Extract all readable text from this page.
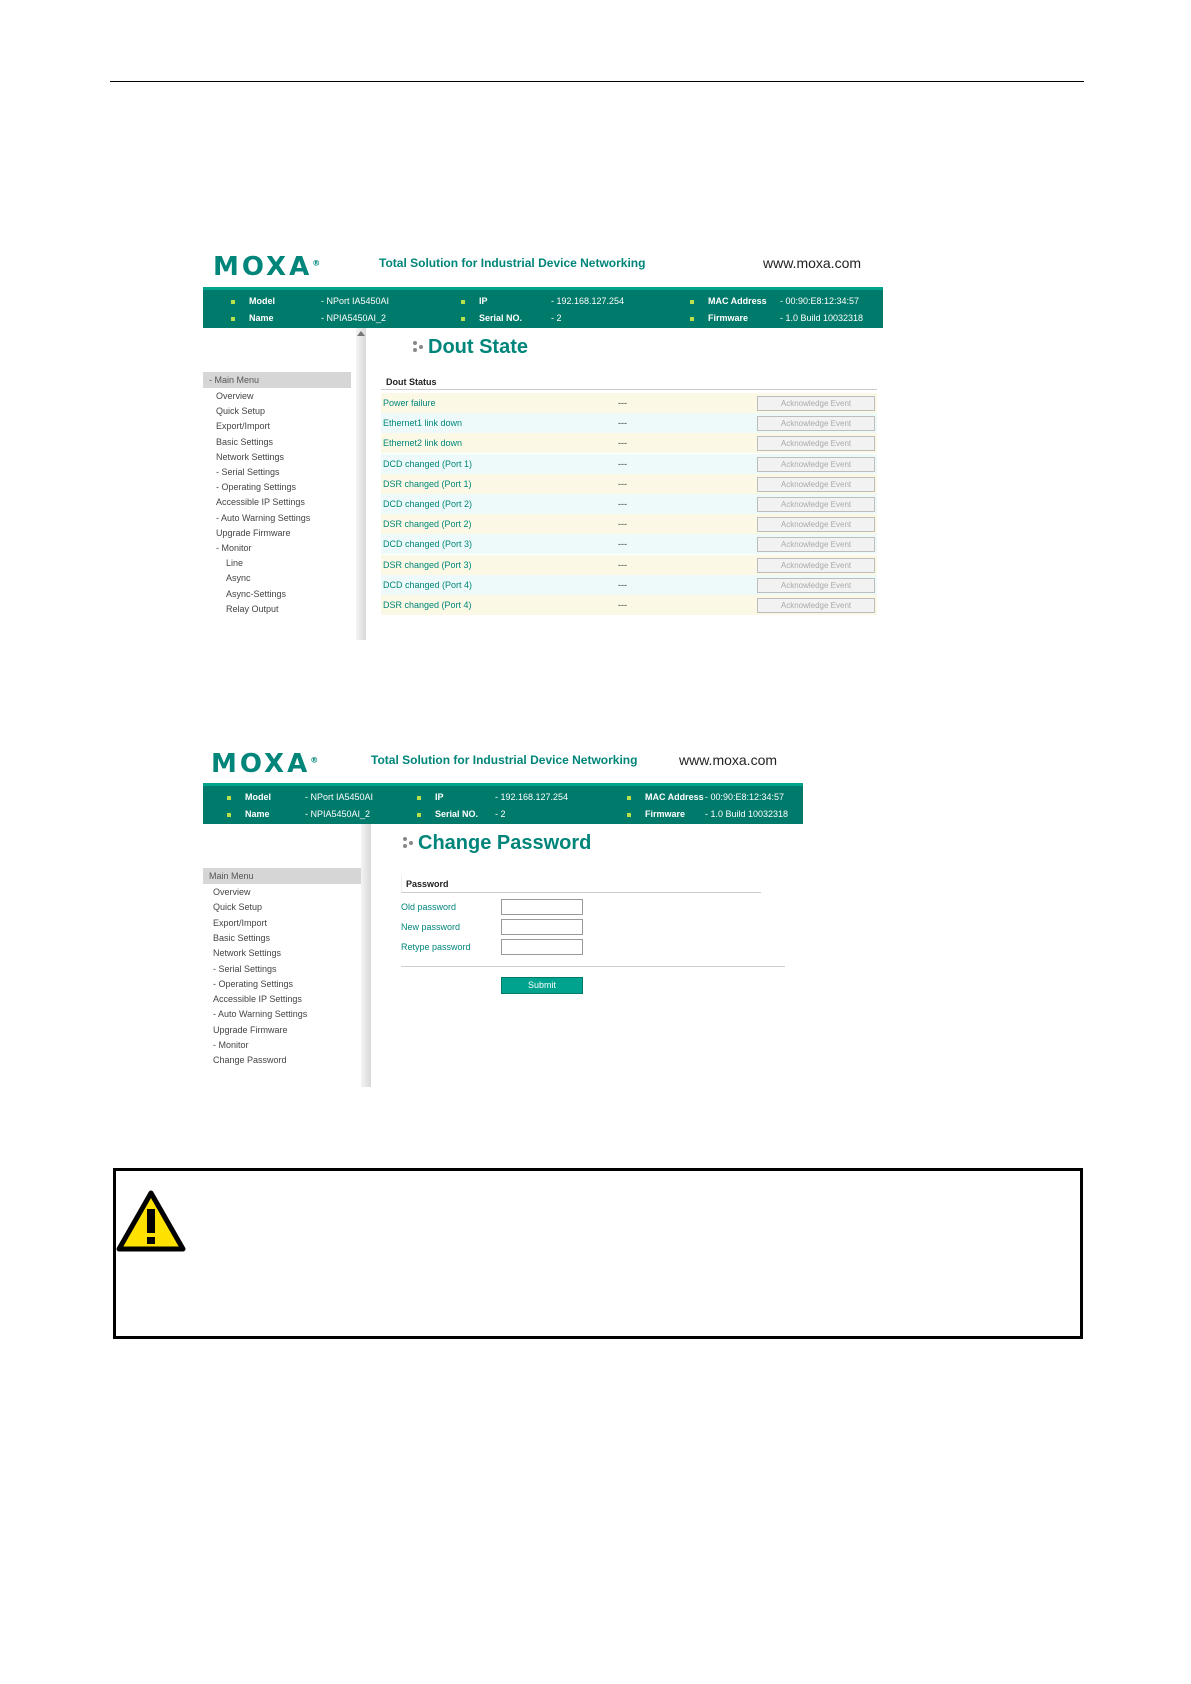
MOXA®	Total Solution for Industrial Device Networking	www.moxa.com
Model	- NPort IA5450AI
Name	- NPIA5450AI_2
IP	- 192.168.127.254
Serial NO.	- 2
MAC Address - 00:90:E8:12:34:57
Firmware	- 1.0 Build 10032318
- Main Menu
Overview
Quick Setup
Export/Import
Basic Settings
Network Settings
- Serial Settings
- Operating Settings
Accessible IP Settings
- Auto Warning Settings
Upgrade Firmware
- Monitor
Line
Async
Async-Settings
Relay Output
Dout State
Dout Status
Power failure	---	Acknowledge Event
Ethernet1 link down	---	Acknowledge Event
Ethernet2 link down	---	Acknowledge Event
DCD changed (Port 1)	---	Acknowledge Event
DSR changed (Port 1)	---	Acknowledge Event
DCD changed (Port 2)	---	Acknowledge Event
DSR changed (Port 2)	---	Acknowledge Event
DCD changed (Port 3)	---	Acknowledge Event
DSR changed (Port 3)	---	Acknowledge Event
DCD changed (Port 4)	---	Acknowledge Event
DSR changed (Port 4)	---	Acknowledge Event
MOXA®	Total Solution for Industrial Device Networking	www.moxa.com
Model	- NPort IA5450AI
Name	- NPIA5450AI_2
IP	- 192.168.127.254
Serial NO. - 2
MAC Address- 00:90:E8:12:34:57
Firmware - 1.0 Build 10032318
Main Menu
Overview
Quick Setup
Export/Import
Basic Settings
Network Settings
- Serial Settings
- Operating Settings
Accessible IP Settings
- Auto Warning Settings
Upgrade Firmware
- Monitor
Change Password
Change Password
Password
Old password
New password
Retype password
Submit
